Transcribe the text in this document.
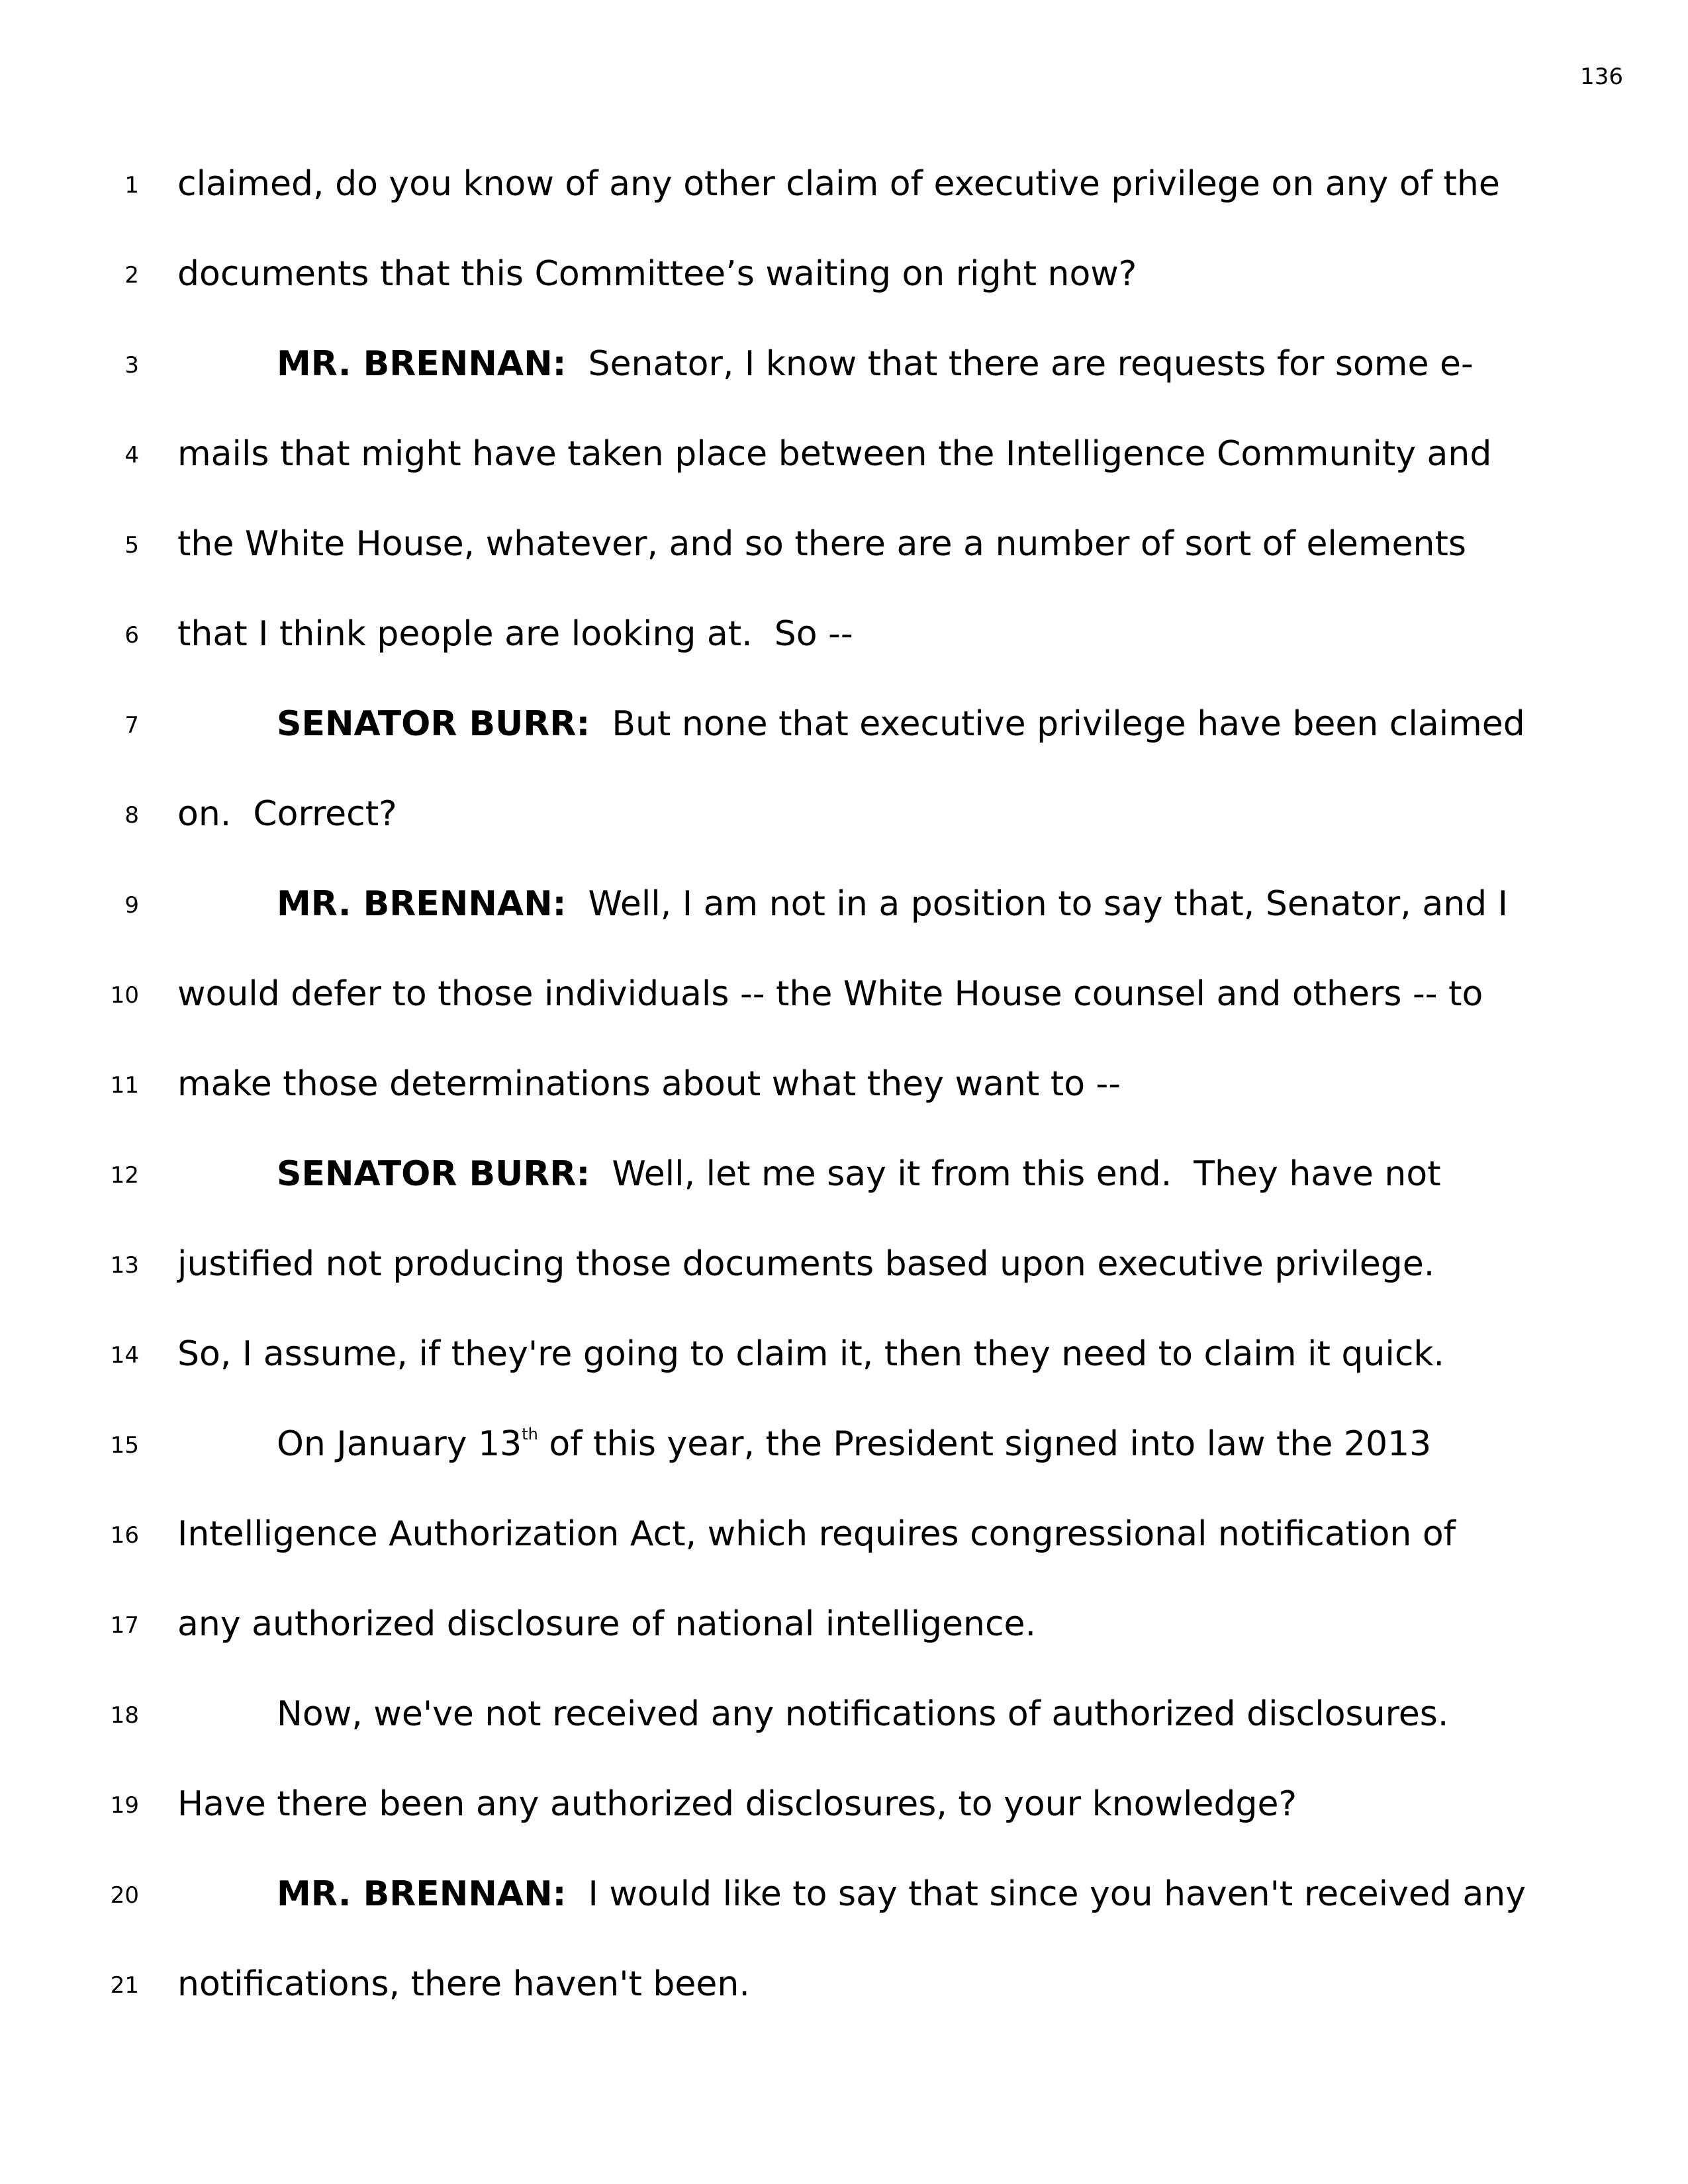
136
1 claimed, do you know of any other claim of executive privilege on any of the
2 documents that this Committee’s waiting on right now?
3	MR. BRENNAN:  Senator, I know that there are requests for some e-
4 mails that might have taken place between the Intelligence Community and
5 the White House, whatever, and so there are a number of sort of elements
6 that I think people are looking at.  So --
7	SENATOR BURR:  But none that executive privilege have been claimed
8 on.  Correct?
9	MR. BRENNAN:  Well, I am not in a position to say that, Senator, and I
10 would defer to those individuals -- the White House counsel and others -- to
11 make those determinations about what they want to --
12	SENATOR BURR:  Well, let me say it from this end.  They have not
13 justified not producing those documents based upon executive privilege.
14 So, I assume, if they're going to claim it, then they need to claim it quick.
15	On January 13th of this year, the President signed into law the 2013
16 Intelligence Authorization Act, which requires congressional notification of
17 any authorized disclosure of national intelligence.
18	Now, we've not received any notifications of authorized disclosures.
19 Have there been any authorized disclosures, to your knowledge?
20	MR. BRENNAN:  I would like to say that since you haven't received any
21 notifications, there haven't been.
